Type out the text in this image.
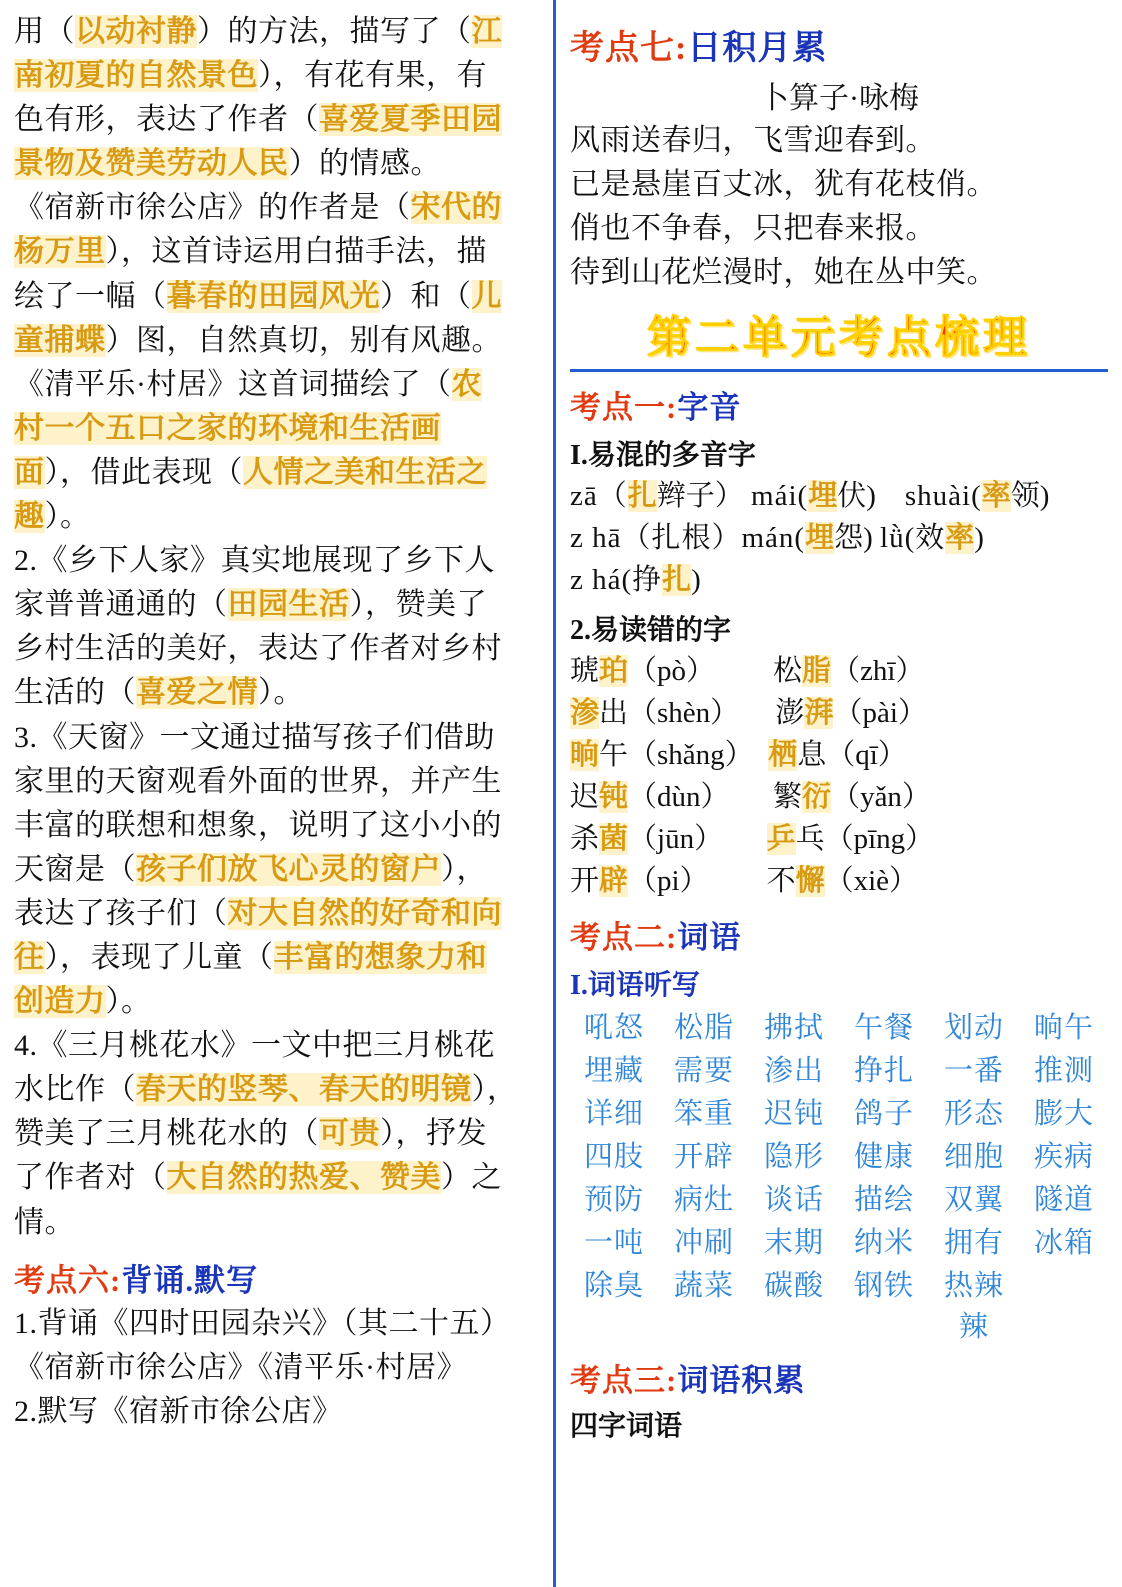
用（以动衬静）的方法，描写了（江

南初夏的自然景色），有花有果，有

色有形，表达了作者（喜爱夏季田园

景物及赞美劳动人民）的情感。

《宿新市徐公店》的作者是（宋代的

杨万里），这首诗运用白描手法，描

绘了一幅（暮春的田园风光）和（儿

童捕蝶）图，自然真切，别有风趣。

《清平乐·村居》这首词描绘了（农

村一个五口之家的环境和生活画

面），借此表现（人情之美和生活之

趣）。

2.《乡下人家》真实地展现了乡下人

家普普通通的（田园生活），赞美了

乡村生活的美好，表达了作者对乡村

生活的（喜爱之情）。

3.《天窗》一文通过描写孩子们借助

家里的天窗观看外面的世界，并产生

丰富的联想和想象，说明了这小小的

天窗是（孩子们放飞心灵的窗户），

表达了孩子们（对大自然的好奇和向

往），表现了儿童（丰富的想象力和

创造力）。

4.《三月桃花水》一文中把三月桃花

水比作（春天的竖琴、春天的明镜），

赞美了三月桃花水的（可贵），抒发

了作者对（大自然的热爱、赞美）之

情。

考点六:背诵.默写

1.背诵《四时田园杂兴》（其二十五）

《宿新市徐公店》《清平乐·村居》

2.默写《宿新市徐公店》

考点七:日积月累

卜算子·咏梅

风雨送春归，飞雪迎春到。

已是悬崖百丈冰，犹有花枝俏。

俏也不争春，只把春来报。

待到山花烂漫时，她在丛中笑。

第二单元考点梳理
考点一:字音
I.易混的多音字

zā（扎辫子） mái(埋伏)    shuài(率领)

z hā（扎根）mán(埋怨) lǜ(效率)

z há(挣扎)

2.易读错的字

琥珀（pò）        松脂（zhī）

渗出（shèn）     澎湃（pài）

晌午（shǎng）  栖息（qī）

迟钝（dùn）      繁衍（yǎn）

杀菌（jūn）      乒乓（pīng）

开辟（pi）        不懈（xiè）

考点二:词语
I.词语听写
吼怒	松脂	拂拭	午餐	划动	晌午
埋藏	需要	渗出	挣扎	一番	推测
详细	笨重	迟钝	鸽子	形态	膨大
四肢	开辟	隐形	健康	细胞	疾病
预防	病灶	谈话	描绘	双翼	隧道
一吨	冲刷	末期	纳米	拥有	冰箱
除臭	蔬菜	碳酸	钢铁	热辣辣
考点三:词语积累
四字词语
